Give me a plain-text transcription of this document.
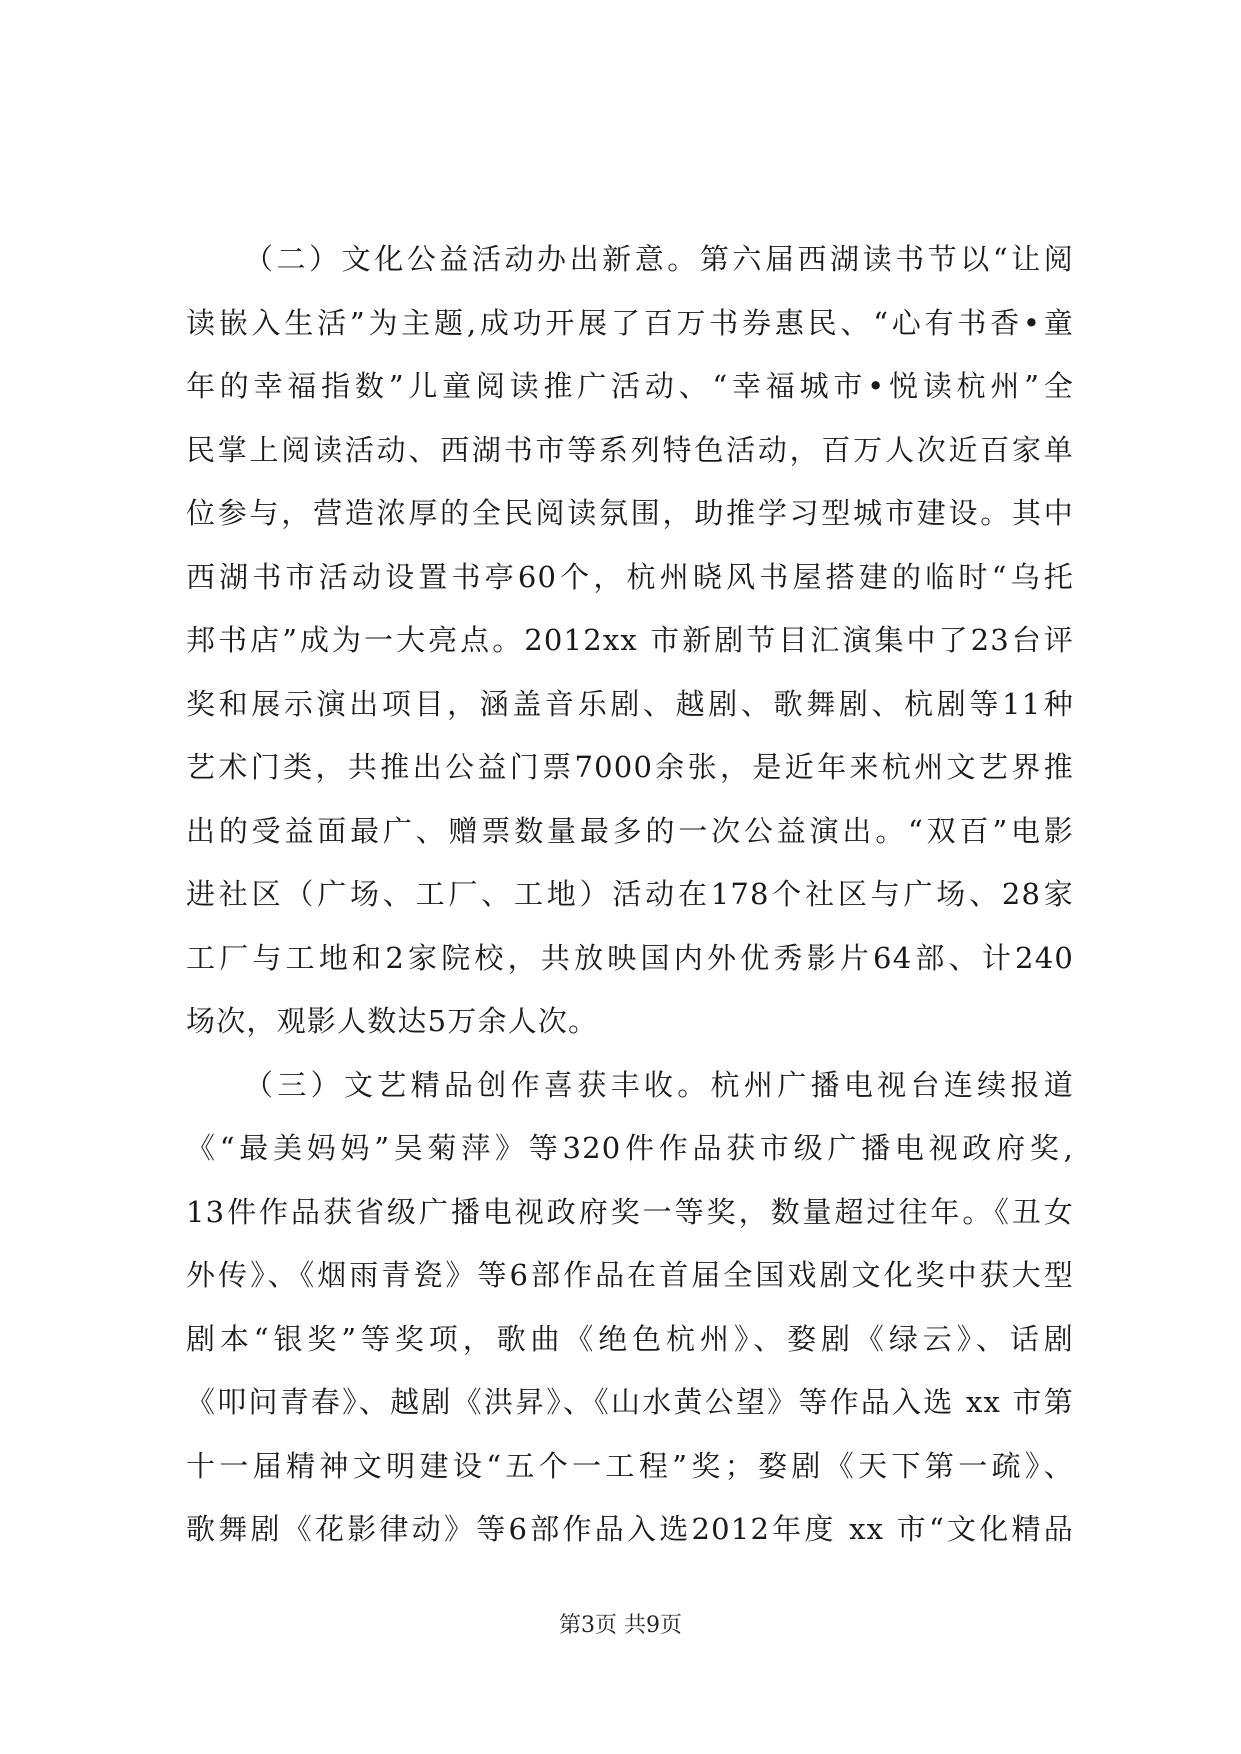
（二）文化公益活动办出新意。第六届西湖读书节以“让阅
读嵌入生活”为主题,成功开展了百万书券惠民、“心有书香•童
年的幸福指数”儿童阅读推广活动、“幸福城市•悦读杭州”全
民掌上阅读活动、西湖书市等系列特色活动，百万人次近百家单
位参与，营造浓厚的全民阅读氛围，助推学习型城市建设。其中
西湖书市活动设置书亭60个，杭州晓风书屋搭建的临时“乌托
邦书店”成为一大亮点。2012xx 市新剧节目汇演集中了23台评
奖和展示演出项目，涵盖音乐剧、越剧、歌舞剧、杭剧等11种
艺术门类，共推出公益门票7000余张，是近年来杭州文艺界推
出的受益面最广、赠票数量最多的一次公益演出。“双百”电影
进社区（广场、工厂、工地）活动在178个社区与广场、28家
工厂与工地和2家院校，共放映国内外优秀影片64部、计240
场次，观影人数达5万余人次。
（三）文艺精品创作喜获丰收。杭州广播电视台连续报道
《“最美妈妈”吴菊萍》等320件作品获市级广播电视政府奖,
13件作品获省级广播电视政府奖一等奖，数量超过往年。《丑女
外传》、《烟雨青瓷》等6部作品在首届全国戏剧文化奖中获大型
剧本“银奖”等奖项，歌曲《绝色杭州》、婺剧《绿云》、话剧
《叩问青春》、越剧《洪昇》、《山水黄公望》等作品入选 xx 市第
十一届精神文明建设“五个一工程”奖；婺剧《天下第一疏》、
歌舞剧《花影律动》等6部作品入选2012年度 xx 市“文化精品
第3页 共9页
